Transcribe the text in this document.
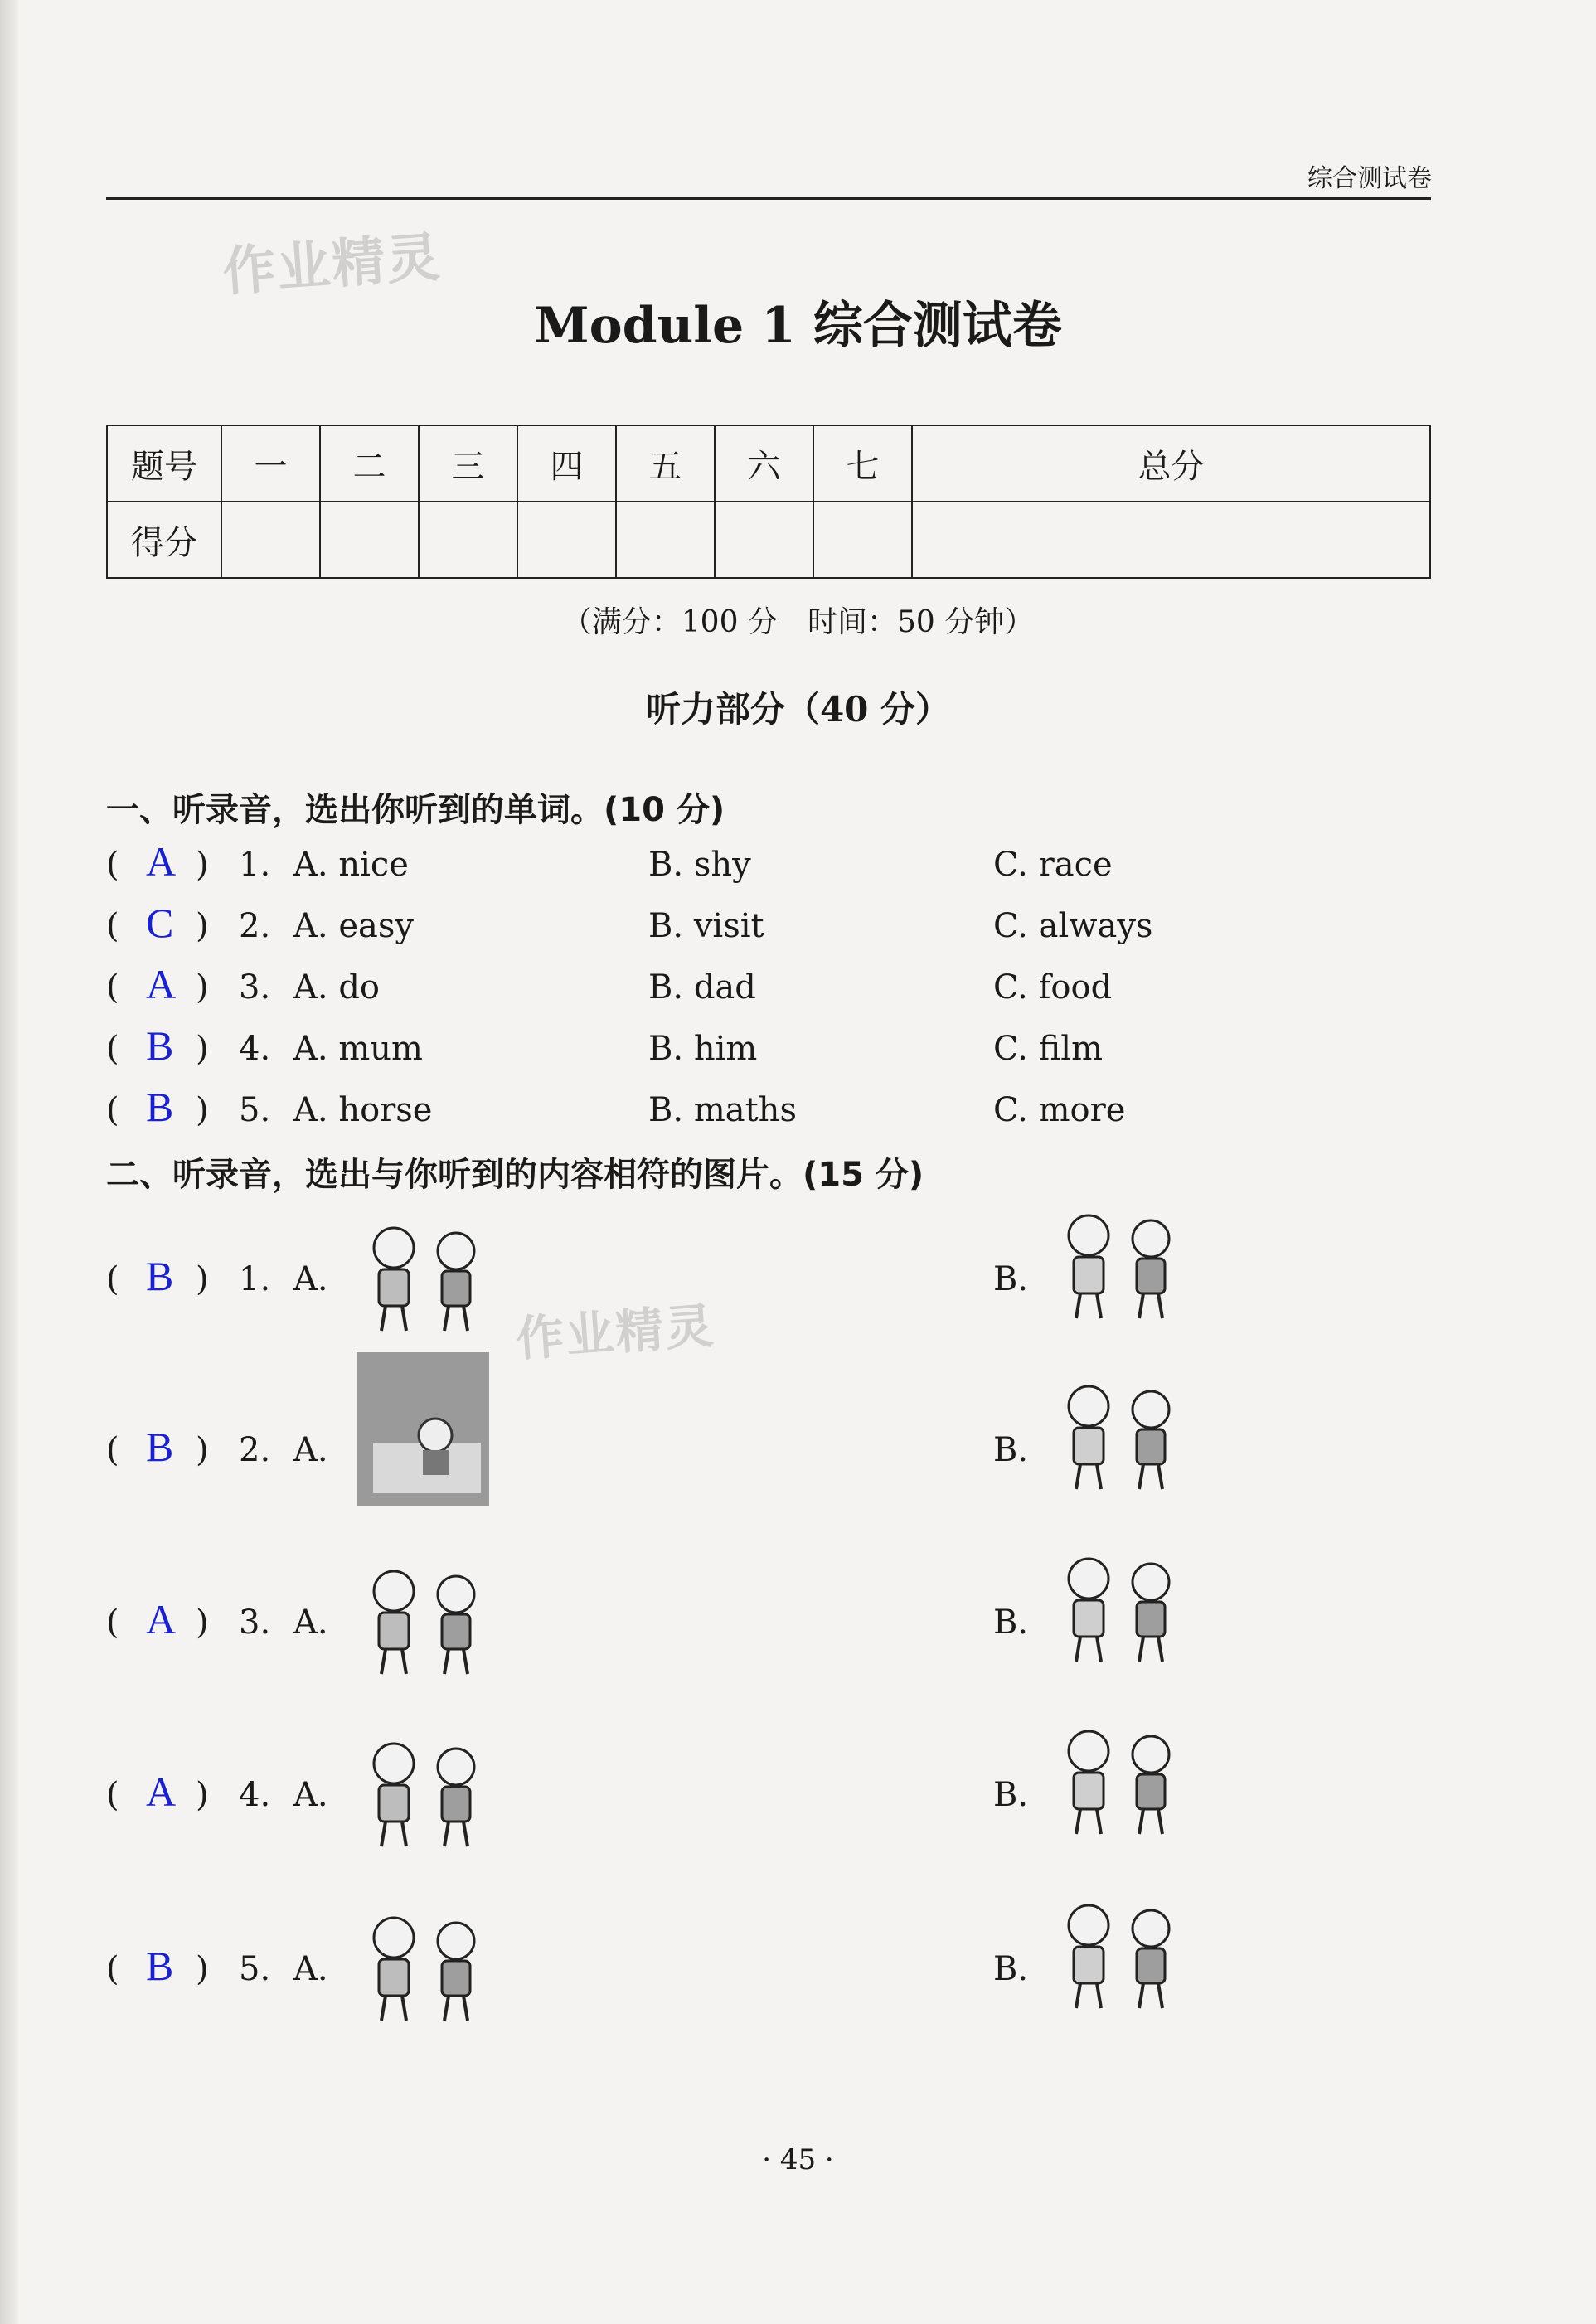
综合测试卷
作业精灵
Module 1 综合测试卷
题号	一	二	三	四	五	六	七	总分
得分								
（满分：100 分　时间：50 分钟）
听力部分（40 分）
一、听录音，选出你听到的单词。(10 分)
( A ) 1. A. nice	B. shy	C. race
( C ) 2. A. easy	B. visit	C. always
( A ) 3. A. do	B. dad	C. food
( B ) 4. A. mum	B. him	C. film
( B ) 5. A. horse	B. maths	C. more
二、听录音，选出与你听到的内容相符的图片。(15 分)
作业精灵
( B ) 1. A.	B.
( B ) 2. A.	B.
( A ) 3. A.	B.
( A ) 4. A.	B.
( B ) 5. A.	B.
· 45 ·
